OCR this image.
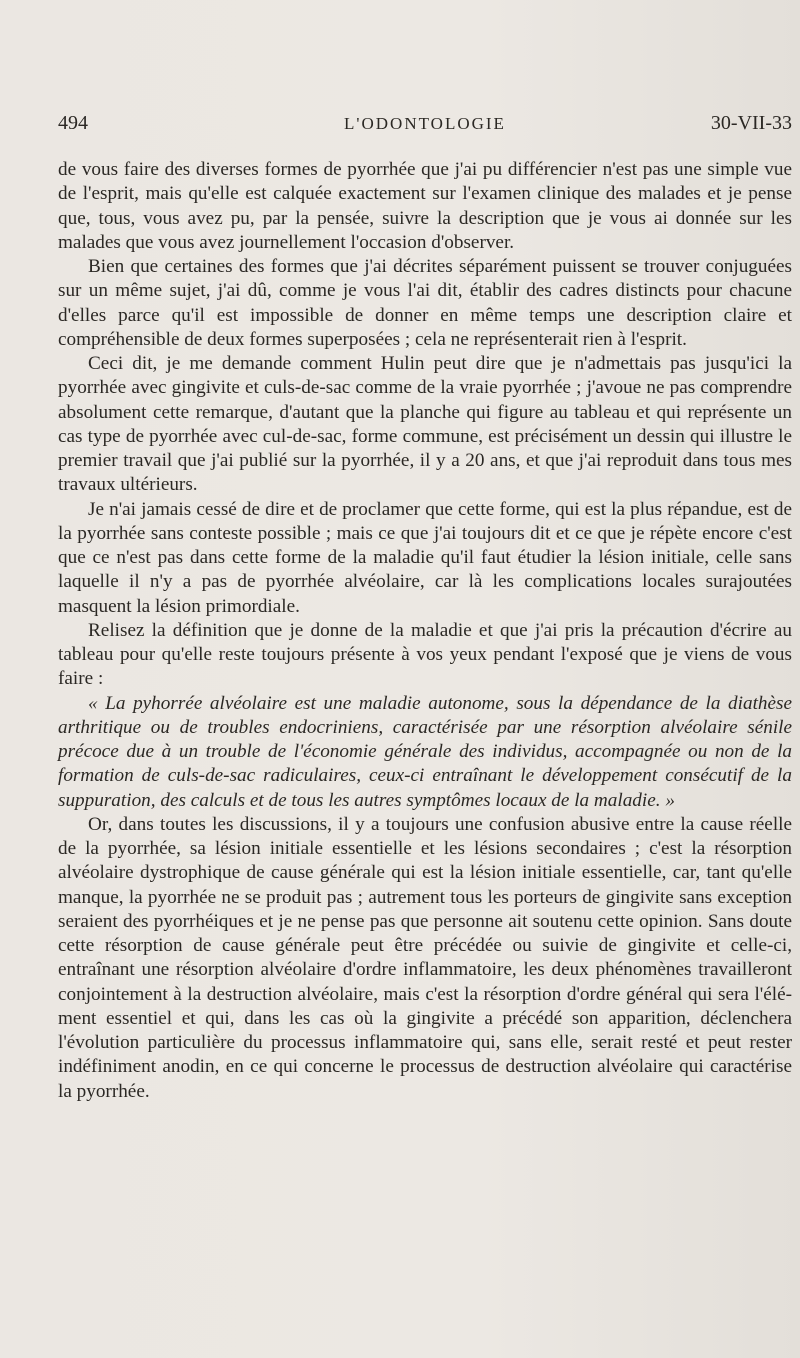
494	L'ODONTOLOGIE	30-VII-33

de vous faire des diverses formes de pyorrhée que j'ai pu différencier n'est pas une simple vue de l'esprit, mais qu'elle est calquée exactement sur l'examen clinique des malades et je pense que, tous, vous avez pu, par la pensée, suivre la description que je vous ai donnée sur les malades que vous avez journellement l'occasion d'observer.

Bien que certaines des formes que j'ai décrites séparément puissent se trouver conjuguées sur un même sujet, j'ai dû, comme je vous l'ai dit, établir des cadres distincts pour chacune d'elles parce qu'il est impossible de donner en même temps une description claire et compréhensible de deux formes superposées ; cela ne représenterait rien à l'esprit.

Ceci dit, je me demande comment Hulin peut dire que je n'admettais pas jusqu'ici la pyorrhée avec gingivite et culs-de-sac comme de la vraie pyorrhée ; j'avoue ne pas comprendre absolument cette remarque, d'autant que la planche qui figure au tableau et qui représente un cas type de pyorrhée avec cul-de-sac, forme commune, est précisément un dessin qui illustre le premier travail que j'ai publié sur la pyorrhée, il y a 20 ans, et que j'ai reproduit dans tous mes travaux ultérieurs.

Je n'ai jamais cessé de dire et de proclamer que cette forme, qui est la plus répandue, est de la pyorrhée sans conteste possible ; mais ce que j'ai toujours dit et ce que je répète encore c'est que ce n'est pas dans cette forme de la maladie qu'il faut étudier la lésion initiale, celle sans laquelle il n'y a pas de pyorrhée alvéolaire, car là les complications locales surajoutées masquent la lésion primordiale.

Relisez la définition que je donne de la maladie et que j'ai pris la précaution d'écrire au tableau pour qu'elle reste toujours présente à vos yeux pendant l'exposé que je viens de vous faire :

« La pyhorrée alvéolaire est une maladie autonome, sous la dépendance de la diathèse arthritique ou de troubles endocriniens, caractérisée par une résorption alvéolaire sénile précoce due à un trouble de l'économie générale des individus, accompagnée ou non de la formation de culs-de-sac radiculaires, ceux-ci entraînant le développement consécutif de la suppuration, des calculs et de tous les autres symptômes locaux de la maladie. »

Or, dans toutes les discussions, il y a toujours une confusion abusive entre la cause réelle de la pyorrhée, sa lésion initiale essentielle et les lésions secondaires ; c'est la résorption alvéolaire dystrophique de cause générale qui est la lésion initiale essentielle, car, tant qu'elle manque, la pyorrhée ne se produit pas ; autrement tous les porteurs de gingivite sans exception seraient des pyorrhéiques et je ne pense pas que personne ait soutenu cette opinion. Sans doute cette résorption de cause générale peut être précédée ou suivie de gingivite et celle-ci, entraînant une résorption alvéolaire d'ordre inflammatoire, les deux phénomènes travailleront conjointement à la destruction alvéolaire, mais c'est la résorption d'ordre général qui sera l'élément essentiel et qui, dans les cas où la gingivite a précédé son apparition, déclenchera l'évolution particulière du processus inflammatoire qui, sans elle, serait resté et peut rester indéfiniment anodin, en ce qui concerne le processus de destruction alvéolaire qui caractérise la pyorrhée.
